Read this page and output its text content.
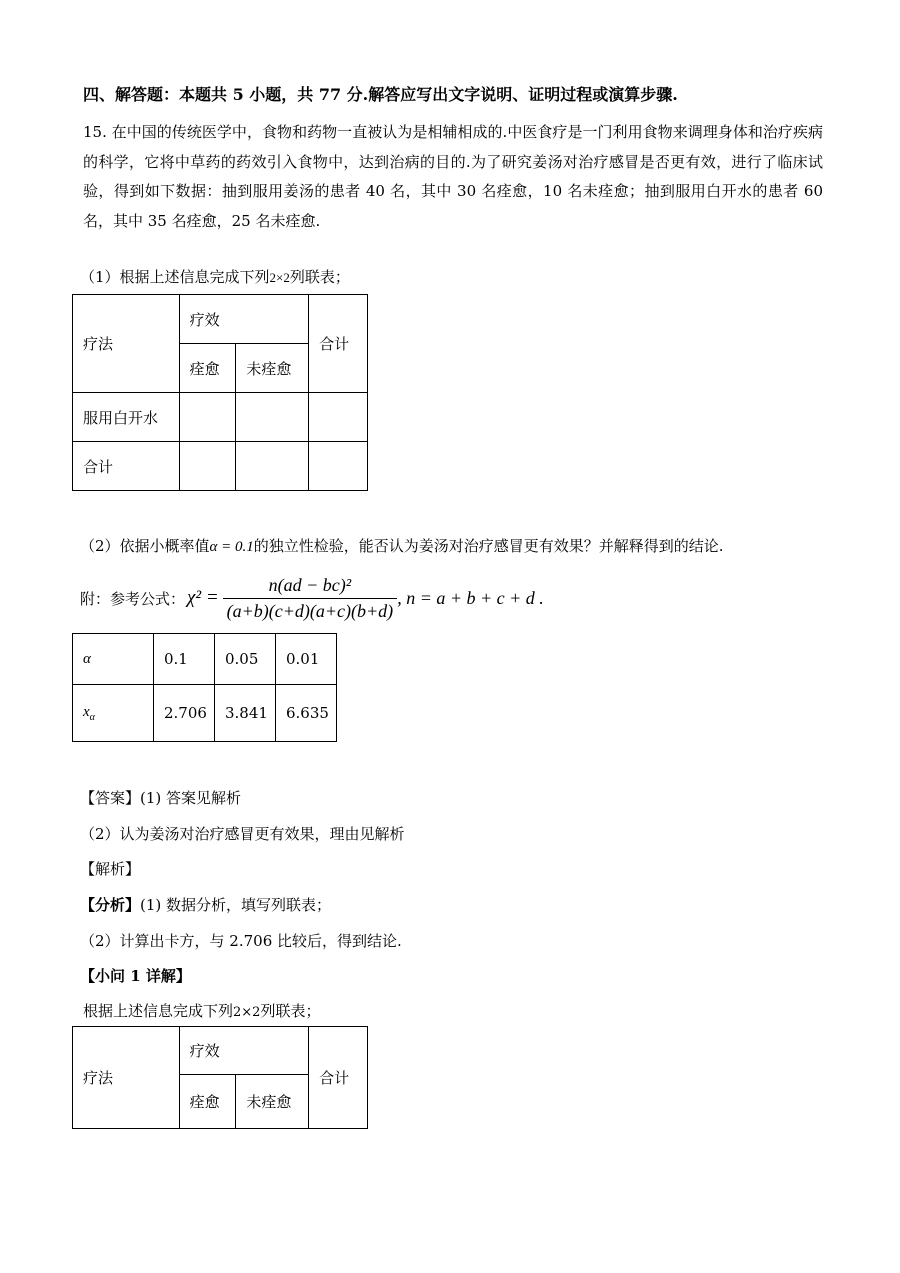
四、解答题：本题共 5 小题，共 77 分.解答应写出文字说明、证明过程或演算步骤.
15. 在中国的传统医学中，食物和药物一直被认为是相辅相成的.中医食疗是一门利用食物来调理身体和治疗疾病的科学，它将中草药的药效引入食物中，达到治病的目的.为了研究姜汤对治疗感冒是否更有效，进行了临床试验，得到如下数据：抽到服用姜汤的患者 40 名，其中 30 名痊愈，10 名未痊愈；抽到服用白开水的患者 60 名，其中 35 名痊愈，25 名未痊愈.
（1）根据上述信息完成下列2×2列联表；
疗法	疗效		合计
	痊愈	未痊愈	
服用白开水			
合计			
（2）依据小概率值α = 0.1的独立性检验，能否认为姜汤对治疗感冒更有效果？并解释得到的结论.
附：参考公式： $\chi^2 = \frac{\text{n(ad − bc)²}}{(a+b)(c+d)(a+c)(b+d)}$ , n = a + b + c + d .
α	0.1	0.05	0.01
$x_\alpha$	2.706	3.841	6.635
【答案】(1) 答案见解析
（2）认为姜汤对治疗感冒更有效果，理由见解析
【解析】
【分析】(1) 数据分析，填写列联表；
（2）计算出卡方，与 2.706 比较后，得到结论.
【小问 1 详解】
根据上述信息完成下列2×2列联表；
疗法	疗效		合计
	痊愈	未痊愈	
